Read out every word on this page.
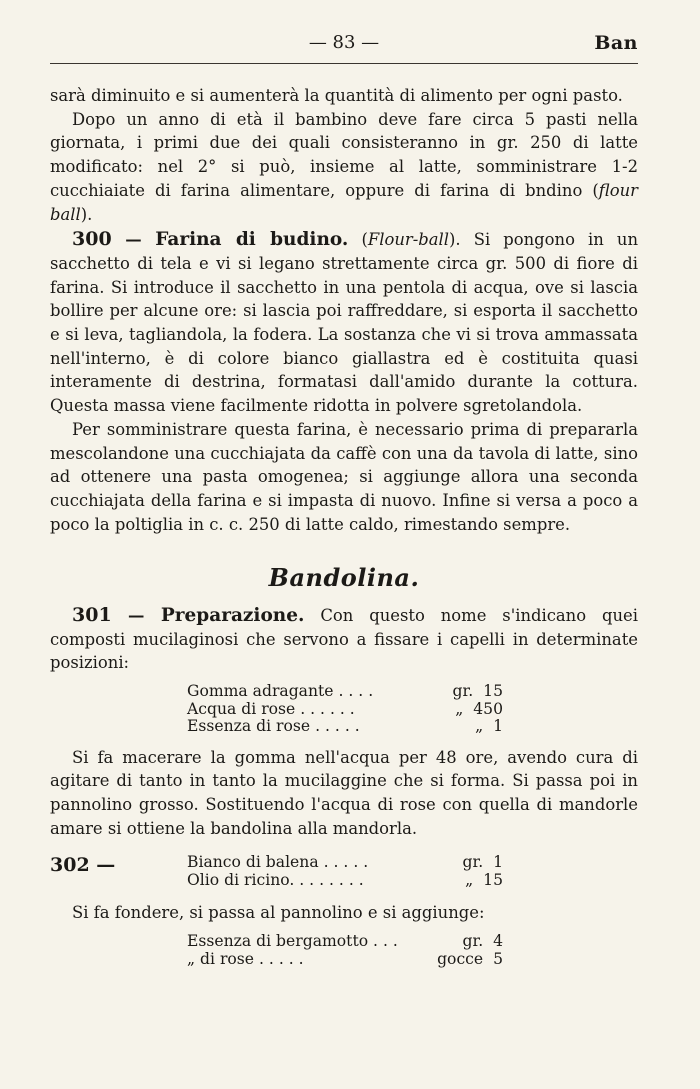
— 83 —	Ban

sarà diminuito e si aumenterà la quantità di alimento per ogni pasto.

Dopo un anno di età il bambino deve fare circa 5 pasti nella giornata, i primi due dei quali consisteranno in gr. 250 di latte modificato: nel 2° si può, insieme al latte, somministrare 1-2 cucchiaiate di farina alimentare, oppure di farina di bndino (flour ball).

300 — Farina di budino. (Flour-ball). Si pongono in un sacchetto di tela e vi si legano strettamente circa gr. 500 di fiore di farina. Si introduce il sacchetto in una pentola di acqua, ove si lascia bollire per alcune ore: si lascia poi raffreddare, si esporta il sacchetto e si leva, tagliandola, la fodera. La sostanza che vi si trova ammassata nell'interno, è di colore bianco giallastra ed è costituita quasi interamente di destrina, formatasi dall'amido durante la cottura. Questa massa viene facilmente ridotta in polvere sgretolandola.

Per somministrare questa farina, è necessario prima di prepararla mescolandone una cucchiajata da caffè con una da tavola di latte, sino ad ottenere una pasta omogenea; si aggiunge allora una seconda cucchiajata della farina e si impasta di nuovo. Infine si versa a poco a poco la poltiglia in c. c. 250 di latte caldo, rimestando sempre.

Bandolina.

301 — Preparazione. Con questo nome s'indicano quei composti mucilaginosi che servono a fissare i capelli in determinate posizioni:

Gomma adragante . . . .	gr. 15
Acqua di rose . . . . . .	„ 450
Essenza di rose . . . . .	„ 1

Si fa macerare la gomma nell'acqua per 48 ore, avendo cura di agitare di tanto in tanto la mucilaggine che si forma. Si passa poi in pannolino grosso. Sostituendo l'acqua di rose con quella di mandorle amare si ottiene la bandolina alla mandorla.

302 —	Bianco di balena . . . . .	gr. 1
Olio di ricino. . . . . . . .	„ 15

Si fa fondere, si passa al pannolino e si aggiunge:

Essenza di bergamotto . . .	gr. 4
„ di rose . . . . .	gocce 5
